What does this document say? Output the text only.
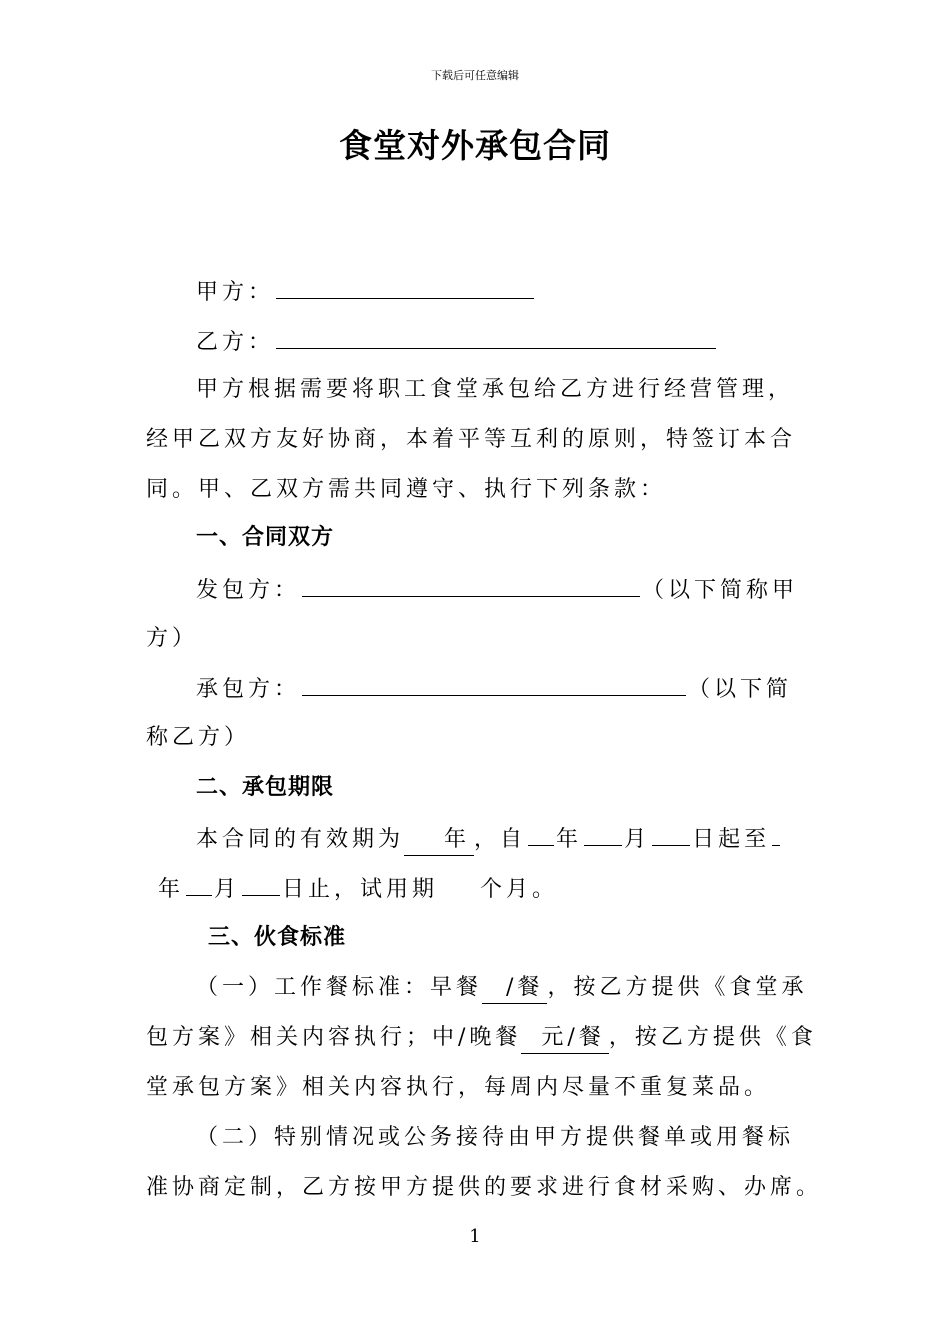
下载后可任意编辑
食堂对外承包合同
甲方：
乙方：
甲方根据需要将职工食堂承包给乙方进行经营管理，
经甲乙双方友好协商，本着平等互利的原则，特签订本合
同。甲、乙双方需共同遵守、执行下列条款：
一、合同双方
发包方：	（以下简称甲
方）
承包方：	（以下简
称乙方）
二、承包期限
本合同的有效期为 年 ，自 年 月 日起至
年 月 日止，试用期 个月。
三、伙食标准
（一）工作餐标准：早餐 /餐 ，按乙方提供《食堂承
包方案》相关内容执行；中/晚餐 元/餐 ，按乙方提供《食
堂承包方案》相关内容执行，每周内尽量不重复菜品。
（二）特别情况或公务接待由甲方提供餐单或用餐标
准协商定制，乙方按甲方提供的要求进行食材采购、办席。
1
